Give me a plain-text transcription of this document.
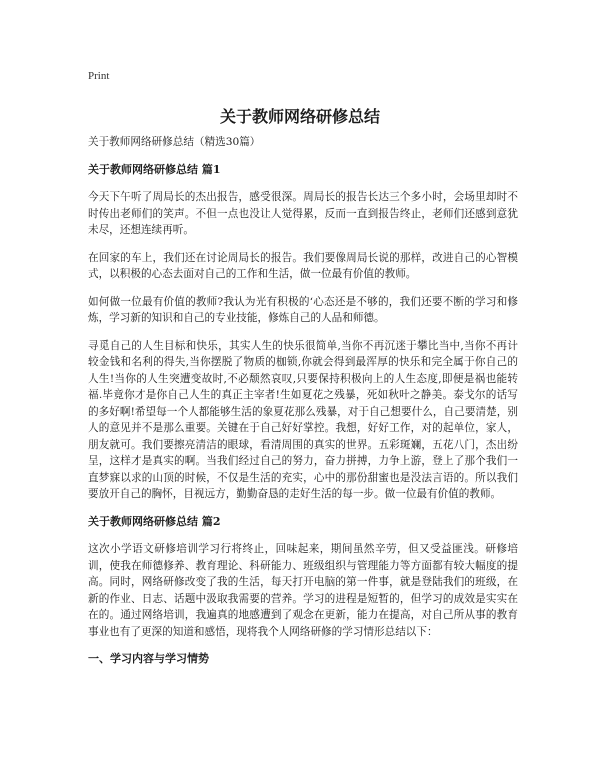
Print
关于教师网络研修总结

关于教师网络研修总结（精选30篇）

关于教师网络研修总结 篇1

今天下午听了周局长的杰出报告，感受很深。周局长的报告长达三个多小时，会场里却时不时传出老师们的笑声。不但一点也没让人觉得累，反而一直到报告终止，老师们还感到意犹未尽，还想连续再听。

在回家的车上，我们还在讨论周局长的报告。我们要像周局长说的那样，改进自己的心智模式，以积极的心态去面对自己的工作和生活，做一位最有价值的教师。

如何做一位最有价值的教师?我认为光有积极的‘心态还是不够的，我们还要不断的学习和修炼，学习新的知识和自己的专业技能，修炼自己的人品和师德。

寻觅自己的人生目标和快乐，其实人生的快乐很简单,当你不再沉迷于攀比当中,当你不再计较金钱和名利的得失,当你摆脱了物质的枷锁,你就会得到最浑厚的快乐和完全属于你自己的人生!当你的人生突遭变故时,不必颓然哀叹,只要保持积极向上的人生态度,即便是祸也能转福.毕竟你才是你自己人生的真正主宰者!生如夏花之残暴，死如秋叶之静美。泰戈尔的话写的多好啊!希望每一个人都能够生活的象夏花那么残暴，对于自己想要什么，自己要清楚，别人的意见并不是那么重要。关键在于自己好好掌控。我想，好好工作，对的起单位，家人，朋友就可。我们要擦亮清洁的眼球，看清周围的真实的世界。五彩斑斓，五花八门，杰出纷呈，这样才是真实的啊。当我们经过自己的努力，奋力拼搏，力争上游，登上了那个我们一直梦寐以求的山顶的时候，不仅是生活的充实，心中的那份甜蜜也是没法言语的。所以我们要放开自己的胸怀，目视远方，勤勤奋恳的走好生活的每一步。做一位最有价值的教师。

关于教师网络研修总结 篇2

这次小学语文研修培训学习行将终止，回味起来，期间虽然辛劳，但又受益匪浅。研修培训，使我在师德修养、教育理论、科研能力、班级组织与管理能力等方面都有较大幅度的提高。同时，网络研修改变了我的生活，每天打开电脑的第一件事，就是登陆我们的班级，在新的作业、日志、话题中汲取我需要的营养。学习的进程是短暂的，但学习的成效是实实在在的。通过网络培训，我遍真的地感遭到了观念在更新，能力在提高，对自己所从事的教育事业也有了更深的知道和感悟，现将我个人网络研修的学习情形总结以下：

一、学习内容与学习情势
